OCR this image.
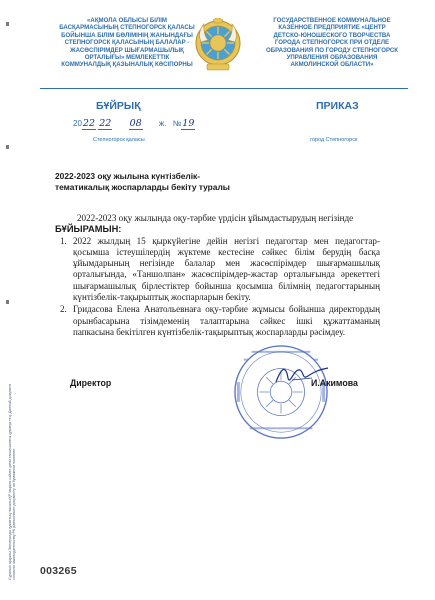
«АҚМОЛА ОБЛЫСЫ БІЛІМ
БАСҚАРМАСЫНЫҢ СТЕПНОГОРСК ҚАЛАСЫ
БОЙЫНША БІЛІМ БӨЛІМІНІҢ ЖАНЫНДАҒЫ
СТЕПНОГОРСК ҚАЛАСЫНЫҢ БАЛАЛАР -
ЖАСӨСПІРІМДЕР ШЫҒАРМАШЫЛЫҚ
ОРТАЛЫҒЫ» МЕМЛЕКЕТТІК
КОММУНАЛДЫҚ ҚАЗЫНАЛЫҚ КӘСІПОРНЫ
ГОСУДАРСТВЕННОЕ КОММУНАЛЬНОЕ
КАЗЕННОЕ ПРЕДПРИЯТИЕ «ЦЕНТР
ДЕТСКО-ЮНОШЕСКОГО ТВОРЧЕСТВА
ГОРОДА СТЕПНОГОРСК ПРИ ОТДЕЛЕ
ОБРАЗОВАНИЯ ПО ГОРОДУ СТЕПНОГОРСК
УПРАВЛЕНИЯ ОБРАЗОВАНИЯ
АКМОЛИНСКОЙ ОБЛАСТИ»
БҰЙРЫҚ	ПРИКАЗ
2022 22 08 ж. №19
Степногорск қаласы	город Степногорск
2022-2023 оқу жылына күнтізбелік-
тематикалық жоспарларды бекіту туралы

2022-2023 оқу жылында оқу-тәрбие үрдісін ұйымдастырудың негізінде

БҰЙЫРАМЫН:

1. 2022 жылдың 15 қыркүйегіне дейін негізгі педагогтар мен педагогтар-қосымша істеушілердің жүктеме кестесіне сәйкес білім берудің басқа ұйымдарының негізінде балалар мен жасөспірімдер шығармашылық орталығында, «Таншолпан» жасөспірімдер-жастар орталығында әрекеттегі шығармашылық бірлестіктер бойынша қосымша білімнің педагогтарының күнтізбелік-тақырыптық жоспарларын бекіту.
2. Гридасова Елена Анатольевнаға оқу-тәрбие жұмысы бойынша директордың орынбасарына тізімдеменің талаптарына сәйкес ішкі құжаттаманың папкасына бекітілген күнтізбелік-тақырыптық жоспарларды рәсімдеу.
Директор	И.Акимова
Сұраныс арқылы Электронды құжаттың нысаны ҚР заңына сәйкес қағаз тасығыштағы құжатқа тең. Данный документ согласно законодательству РК равнозначен документу на бумажном носителе.	003265
